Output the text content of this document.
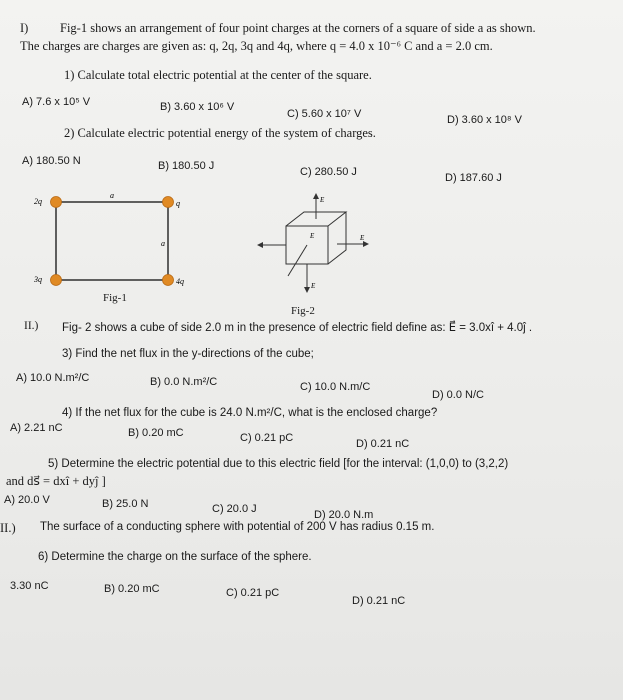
I)	Fig-1 shows an arrangement of four point charges at the corners of a square of side a as shown.
The charges are charges are given as: q, 2q, 3q and 4q, where q = 4.0 x 10⁻⁶ C and a = 2.0 cm.
1) Calculate total electric potential at the center of the square.
A) 7.6 x 10⁵ V	B) 3.60 x 10⁶ V
C) 5.60 x 10⁷ V	D) 3.60 x 10⁸ V
2) Calculate electric potential energy of the system of charges.
A) 180.50 N	B) 180.50 J	C) 280.50 J	D) 187.60 J
2q	q
3q	4q
a
a
Fig-1
E
E
E
E
Fig-2
II.) Fig- 2 shows a cube of side 2.0 m in the presence of electric field define as: E⃗ = 3.0xî + 4.0ĵ .
3) Find the net flux in the y-directions of the cube;
A) 10.0 N.m²/C	B) 0.0 N.m²/C	C) 10.0 N.m/C
D) 0.0 N/C
4) If the net flux for the cube is 24.0 N.m²/C, what is the enclosed charge?
A) 2.21 nC	B) 0.20 mC	C) 0.21 pC	D) 0.21 nC
5) Determine the electric potential due to this electric field [for the interval: (1,0,0) to (3,2,2)
and ds⃗ = dxî + dyĵ ]
A) 20.0 V	B) 25.0 N	C) 20.0 J	D) 20.0 N.m
II.) The surface of a conducting sphere with potential of 200 V has radius 0.15 m.
6) Determine the charge on the surface of the sphere.
3.30 nC	B) 0.20 mC	C) 0.21 pC
D) 0.21 nC
